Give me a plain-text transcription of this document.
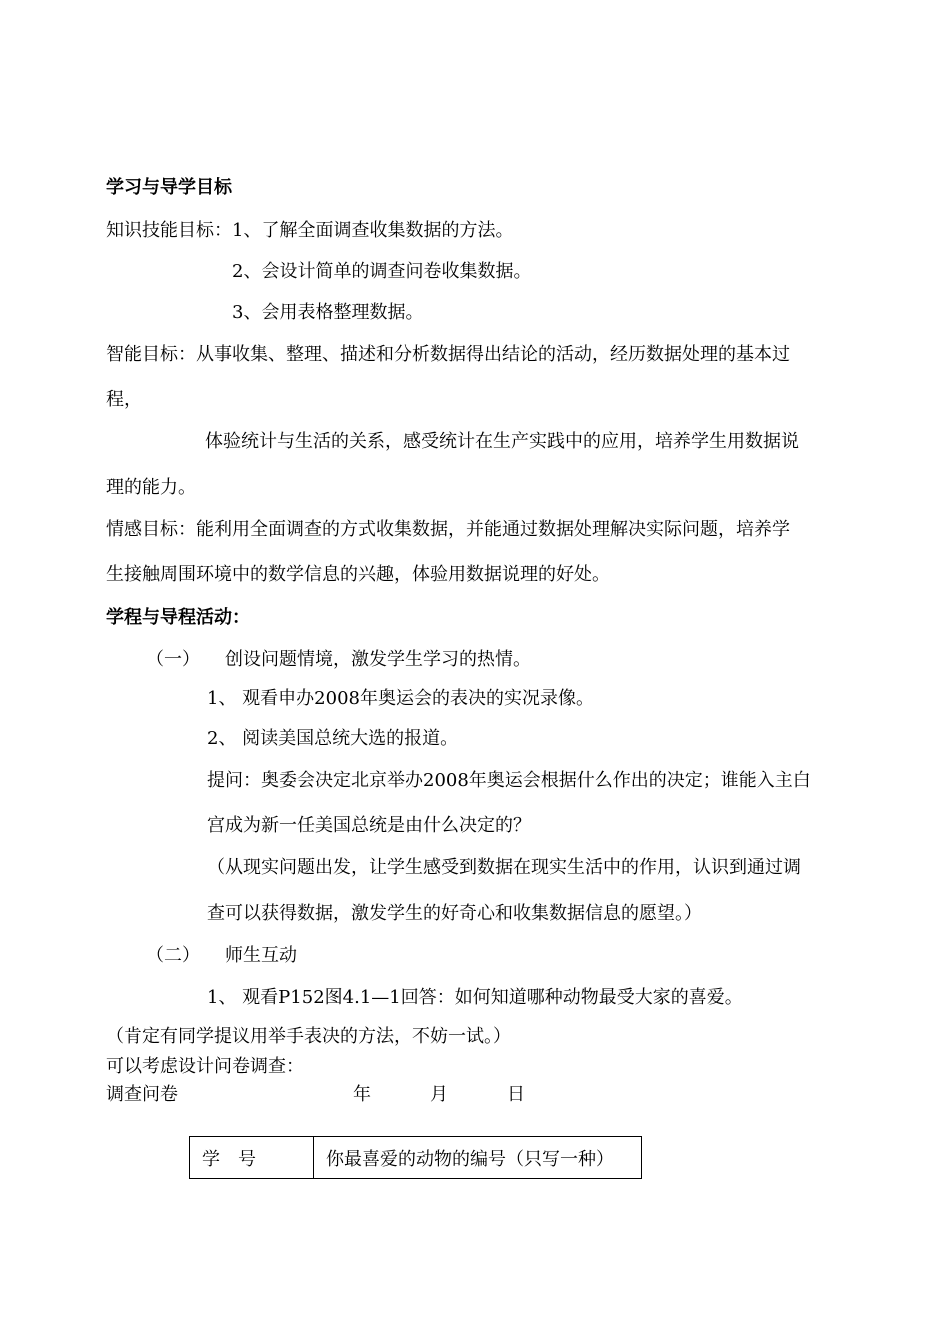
学习与导学目标
知识技能目标： 1、了解全面调查收集数据的方法。
2、会设计简单的调查问卷收集数据。
3、会用表格整理数据。
智能目标：从事收集、整理、描述和分析数据得出结论的活动，经历数据处理的基本过
程，
体验统计与生活的关系，感受统计在生产实践中的应用，培养学生用数据说
理的能力。
情感目标：能利用全面调查的方式收集数据，并能通过数据处理解决实际问题，培养学
生接触周围环境中的数学信息的兴趣，体验用数据说理的好处。
学程与导程活动：
（一） 创设问题情境，激发学生学习的热情。
1、 观看申办2008年奥运会的表决的实况录像。
2、 阅读美国总统大选的报道。
提问：奥委会决定北京举办2008年奥运会根据什么作出的决定；谁能入主白
宫成为新一任美国总统是由什么决定的？
（从现实问题出发，让学生感受到数据在现实生活中的作用，认识到通过调
查可以获得数据，激发学生的好奇心和收集数据信息的愿望。）
（二） 师生互动
1、 观看P152图4.1—1回答：如何知道哪种动物最受大家的喜爱。
（肯定有同学提议用举手表决的方法，不妨一试。）
可以考虑设计问卷调查：
调查问卷	年	月	日
学　号	你最喜爱的动物的编号（只写一种）
